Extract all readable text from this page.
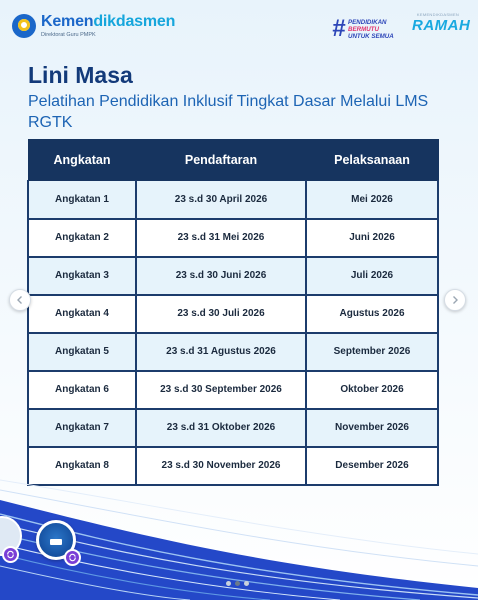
Kemendikdasmen
Direktorat Guru PMPK	# PENDIDIKAN
BERMUTU
UNTUK SEMUA
KEMENDIKDASMEN
RAMAH
Lini Masa
Pelatihan Pendidikan Inklusif Tingkat Dasar Melalui LMS RGTK
Angkatan	Pendaftaran	Pelaksanaan
Angkatan 1	23 s.d 30 April 2026	Mei 2026
Angkatan 2	23 s.d 31 Mei 2026	Juni 2026
Angkatan 3	23 s.d 30 Juni 2026	Juli 2026
Angkatan 4	23 s.d 30 Juli 2026	Agustus 2026
Angkatan 5	23 s.d 31 Agustus 2026	September 2026
Angkatan 6	23 s.d 30 September 2026	Oktober 2026
Angkatan 7	23 s.d 31 Oktober 2026	November 2026
Angkatan 8	23 s.d 30 November 2026	Desember 2026
